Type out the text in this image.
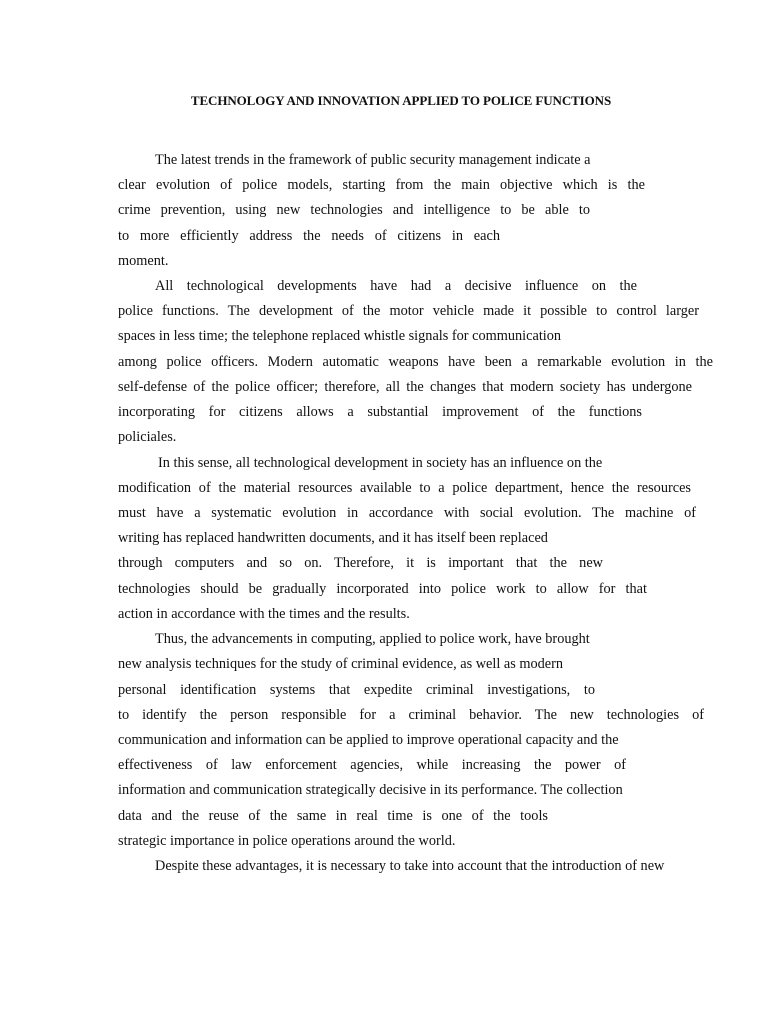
TECHNOLOGY AND INNOVATION APPLIED TO POLICE FUNCTIONS
The latest trends in the framework of public security management indicate a
clear evolution of police models, starting from the main objective which is the
crime prevention, using new technologies and intelligence to be able to
to more efficiently address the needs of citizens in each
moment.
All technological developments have had a decisive influence on the
police functions. The development of the motor vehicle made it possible to control larger
spaces in less time; the telephone replaced whistle signals for communication
among police officers. Modern automatic weapons have been a remarkable evolution in the
self-defense of the police officer; therefore, all the changes that modern society has undergone
incorporating for citizens allows a substantial improvement of the functions
policiales.
In this sense, all technological development in society has an influence on the
modification of the material resources available to a police department, hence the resources
must have a systematic evolution in accordance with social evolution. The machine of
writing has replaced handwritten documents, and it has itself been replaced
through computers and so on. Therefore, it is important that the new
technologies should be gradually incorporated into police work to allow for that
action in accordance with the times and the results.
Thus, the advancements in computing, applied to police work, have brought
new analysis techniques for the study of criminal evidence, as well as modern
personal identification systems that expedite criminal investigations, to
to identify the person responsible for a criminal behavior. The new technologies of
communication and information can be applied to improve operational capacity and the
effectiveness of law enforcement agencies, while increasing the power of
information and communication strategically decisive in its performance. The collection
data and the reuse of the same in real time is one of the tools
strategic importance in police operations around the world.
Despite these advantages, it is necessary to take into account that the introduction of new
